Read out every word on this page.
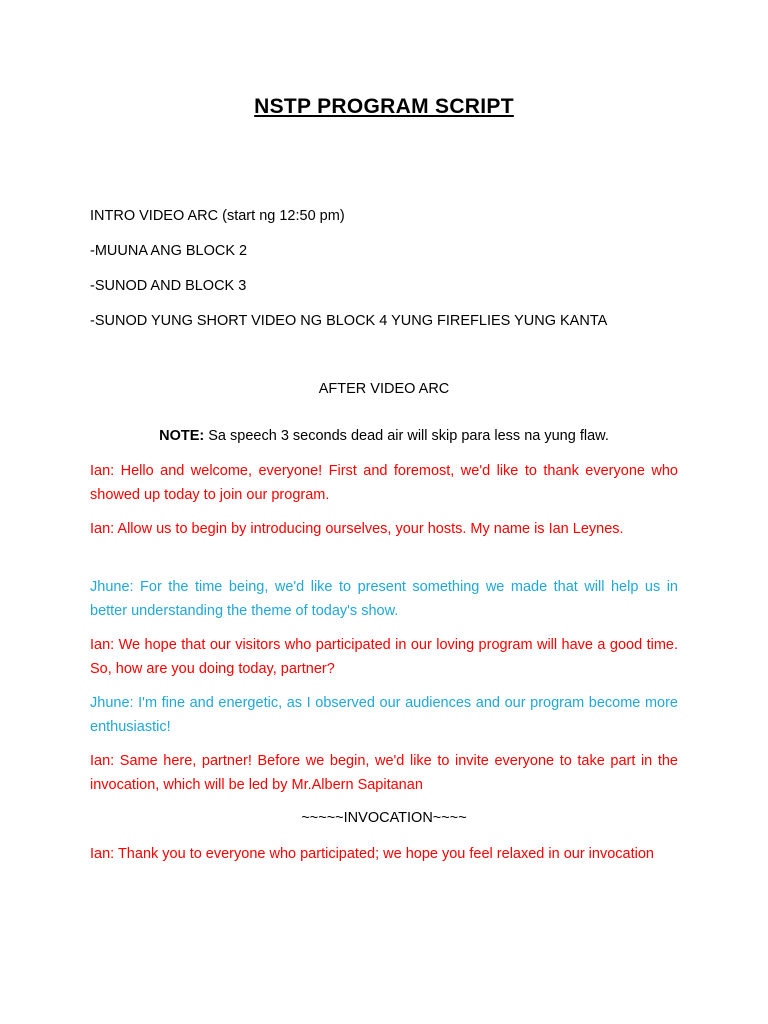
NSTP PROGRAM SCRIPT
INTRO VIDEO ARC (start ng 12:50 pm)
-MUUNA ANG BLOCK 2
-SUNOD AND BLOCK 3
-SUNOD YUNG SHORT VIDEO NG BLOCK 4 YUNG FIREFLIES YUNG KANTA
AFTER VIDEO ARC
NOTE: Sa speech 3 seconds dead air will skip para less na yung flaw.
Ian: Hello and welcome, everyone! First and foremost, we'd like to thank everyone who showed up today to join our program.
Ian: Allow us to begin by introducing ourselves, your hosts. My name is Ian Leynes.
Jhune: For the time being, we'd like to present something we made that will help us in better understanding the theme of today's show.
Ian: We hope that our visitors who participated in our loving program will have a good time. So, how are you doing today, partner?
Jhune: I'm fine and energetic, as I observed our audiences and our program become more enthusiastic!
Ian: Same here, partner! Before we begin, we'd like to invite everyone to take part in the invocation, which will be led by Mr.Albern Sapitanan
~~~~~INVOCATION~~~~
Ian: Thank you to everyone who participated; we hope you feel relaxed in our invocation
